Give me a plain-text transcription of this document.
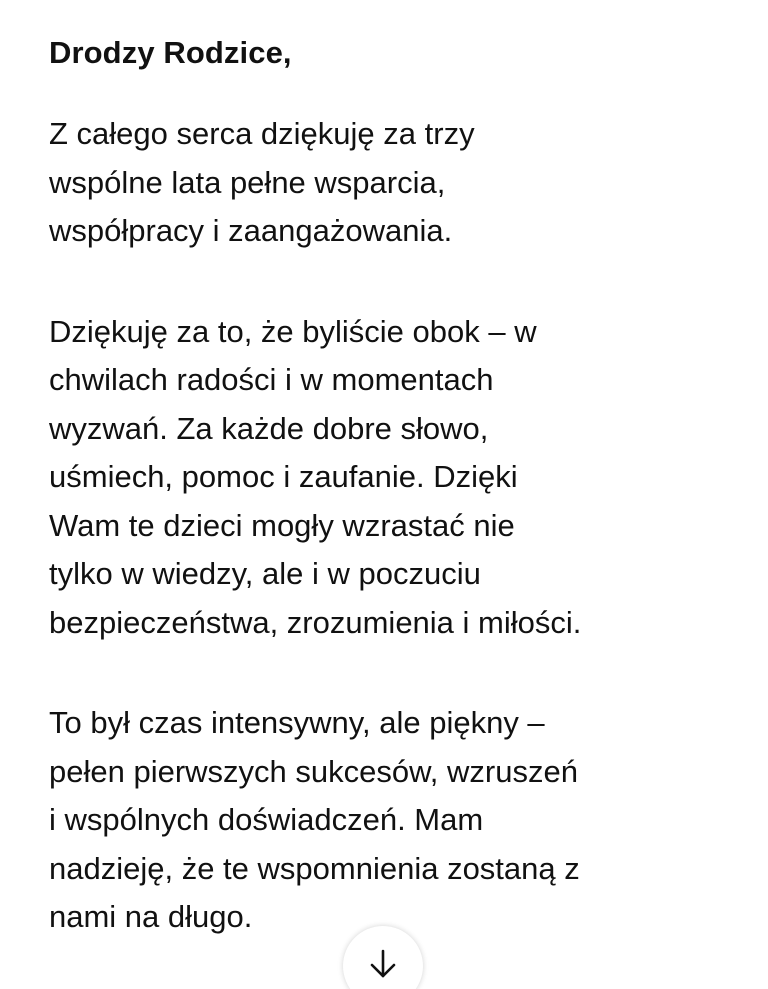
Drodzy Rodzice,
Z całego serca dziękuję za trzy
wspólne lata pełne wsparcia,
współpracy i zaangażowania.
Dziękuję za to, że byliście obok – w
chwilach radości i w momentach
wyzwań. Za każde dobre słowo,
uśmiech, pomoc i zaufanie. Dzięki
Wam te dzieci mogły wzrastać nie
tylko w wiedzy, ale i w poczuciu
bezpieczeństwa, zrozumienia i miłości.
To był czas intensywny, ale piękny –
pełen pierwszych sukcesów, wzruszeń
i wspólnych doświadczeń. Mam
nadzieję, że te wspomnienia zostaną z
nami na długo.
